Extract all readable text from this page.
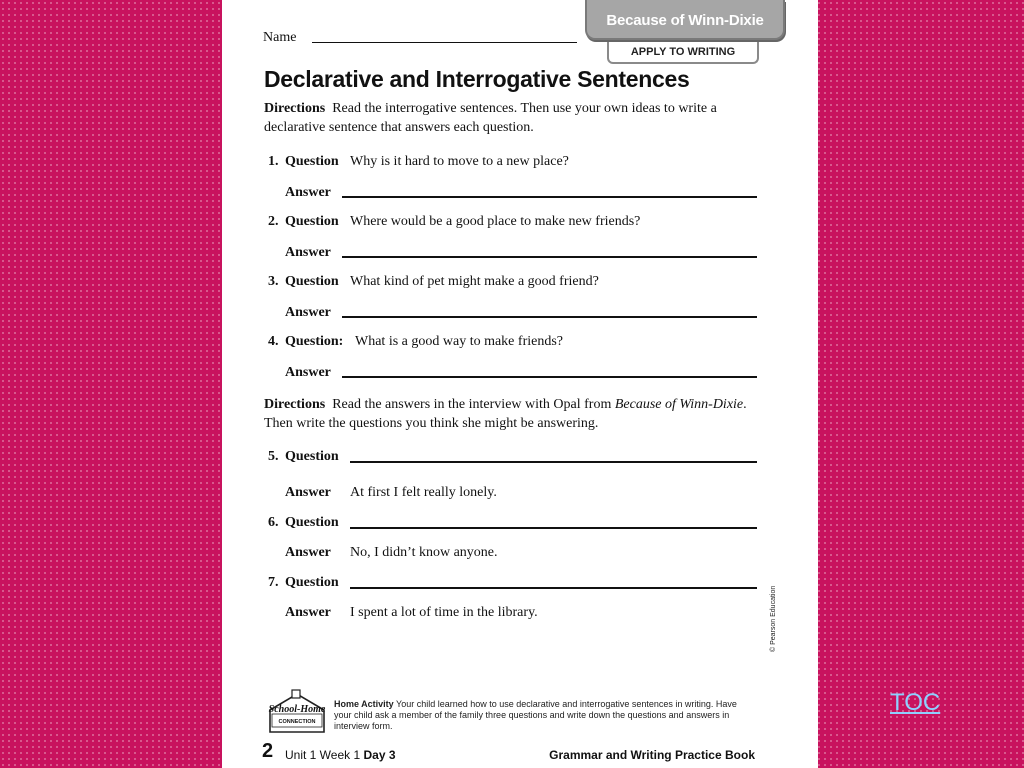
Because of Winn-Dixie
APPLY TO WRITING
Name
Declarative and Interrogative Sentences
Directions Read the interrogative sentences. Then use your own ideas to write a
declarative sentence that answers each question.
1. Question Why is it hard to move to a new place?
Answer
2. Question Where would be a good place to make new friends?
Answer
3. Question What kind of pet might make a good friend?
Answer
4. Question: What is a good way to make friends?
Answer
Directions Read the answers in the interview with Opal from Because of Winn-Dixie.
Then write the questions you think she might be answering.
5. Question
Answer At first I felt really lonely.
6. Question
Answer No, I didn’t know anyone.
7. Question
Answer I spent a lot of time in the library.	© Pearson Education
School-Home
CONNECTION
Home Activity Your child learned how to use declarative and interrogative sentences in writing. Have your child ask a member of the family three questions and write down the questions and answers in interview form.
2 Unit 1 Week 1 Day 3	Grammar and Writing Practice Book
TOC
